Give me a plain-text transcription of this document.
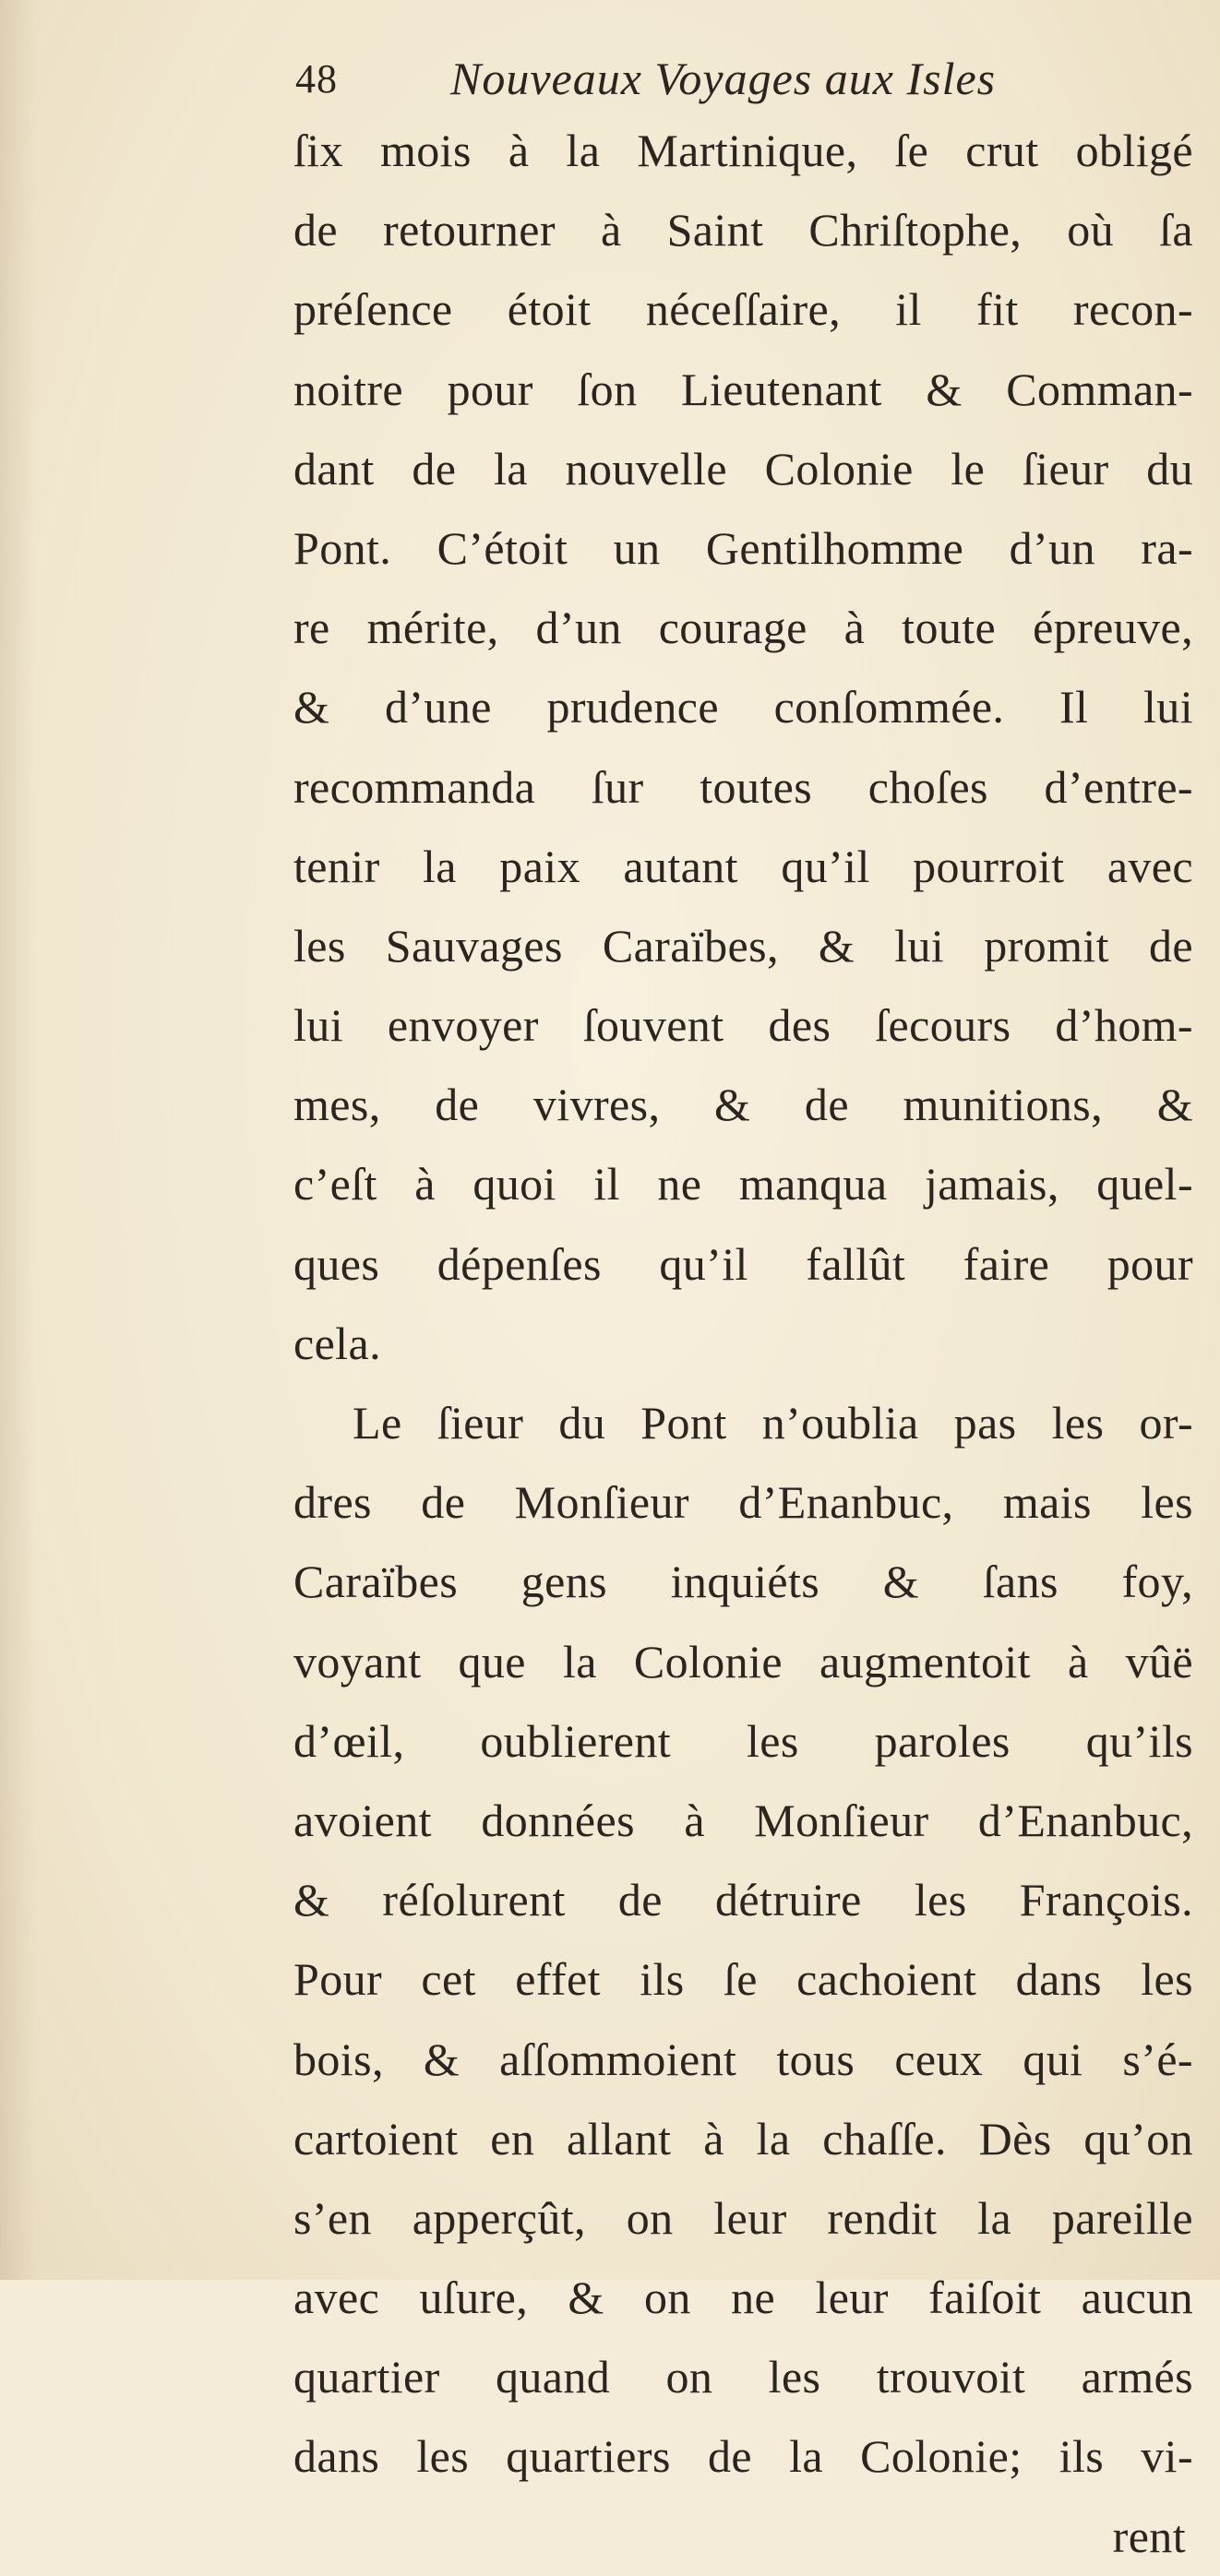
48 Nouveaux Voyages aux Isles
ſix mois à la Martinique, ſe crut obligé
de retourner à Saint Chriſtophe, où ſa
préſence étoit néceſſaire, il fit recon-
noitre pour ſon Lieutenant & Comman-
dant de la nouvelle Colonie le ſieur du
Pont. C’étoit un Gentilhomme d’un ra-
re mérite, d’un courage à toute épreuve,
& d’une prudence conſommée. Il lui
recommanda ſur toutes choſes d’entre-
tenir la paix autant qu’il pourroit avec
les Sauvages Caraïbes, & lui promit de
lui envoyer ſouvent des ſecours d’hom-
mes, de vivres, & de munitions, &
c’eſt à quoi il ne manqua jamais, quel-
ques dépenſes qu’il fallût faire pour
cela.
Le ſieur du Pont n’oublia pas les or-
dres de Monſieur d’Enanbuc, mais les
Caraïbes gens inquiéts & ſans foy,
voyant que la Colonie augmentoit à vûë
d’œil, oublierent les paroles qu’ils
avoient données à Monſieur d’Enanbuc,
& réſolurent de détruire les François.
Pour cet effet ils ſe cachoient dans les
bois, & aſſommoient tous ceux qui s’é-
cartoient en allant à la chaſſe. Dès qu’on
s’en apperçût, on leur rendit la pareille
avec uſure, & on ne leur faiſoit aucun
quartier quand on les trouvoit armés
dans les quartiers de la Colonie; ils vi-
rent
